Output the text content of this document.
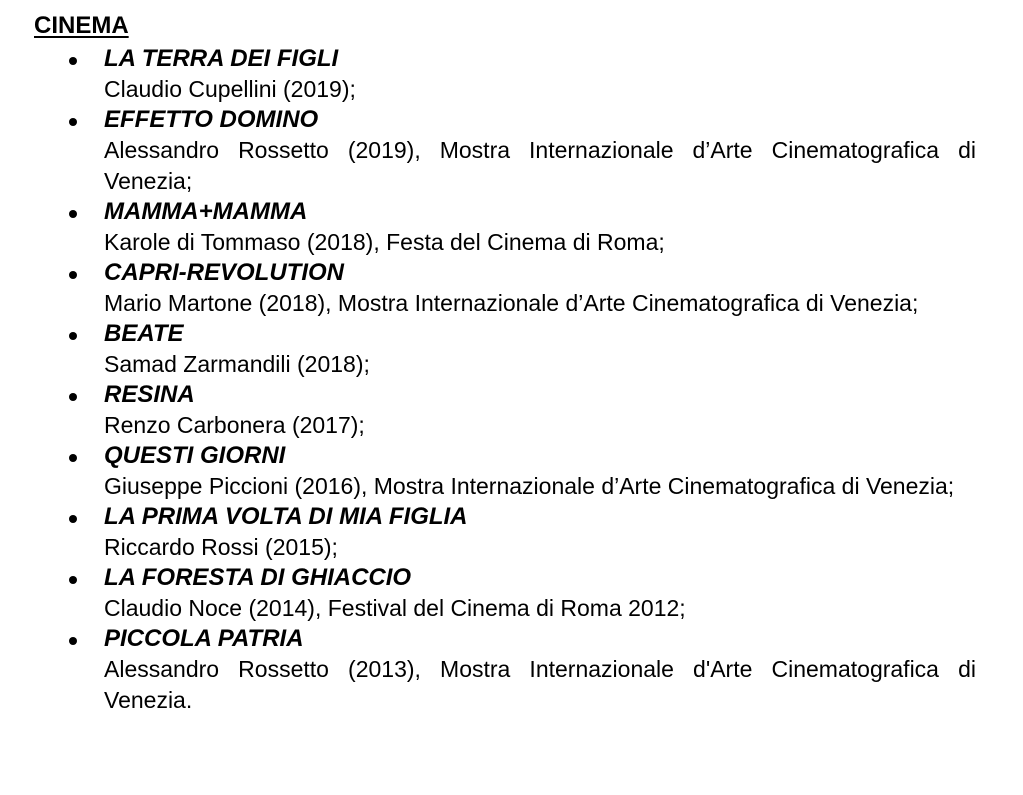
CINEMA
LA TERRA DEI FIGLI
Claudio Cupellini (2019);
EFFETTO DOMINO
Alessandro Rossetto (2019), Mostra Internazionale d’Arte Cinematografica di Venezia;
MAMMA+MAMMA
Karole di Tommaso (2018), Festa del Cinema di Roma;
CAPRI-REVOLUTION
Mario Martone (2018), Mostra Internazionale d’Arte Cinematografica di Venezia;
BEATE
Samad Zarmandili (2018);
RESINA
Renzo Carbonera (2017);
QUESTI GIORNI
Giuseppe Piccioni (2016), Mostra Internazionale d’Arte Cinematografica di Venezia;
LA PRIMA VOLTA DI MIA FIGLIA
Riccardo Rossi (2015);
LA FORESTA DI GHIACCIO
Claudio Noce (2014), Festival del Cinema di Roma 2012;
PICCOLA PATRIA
Alessandro Rossetto (2013), Mostra Internazionale d'Arte Cinematografica di Venezia.
